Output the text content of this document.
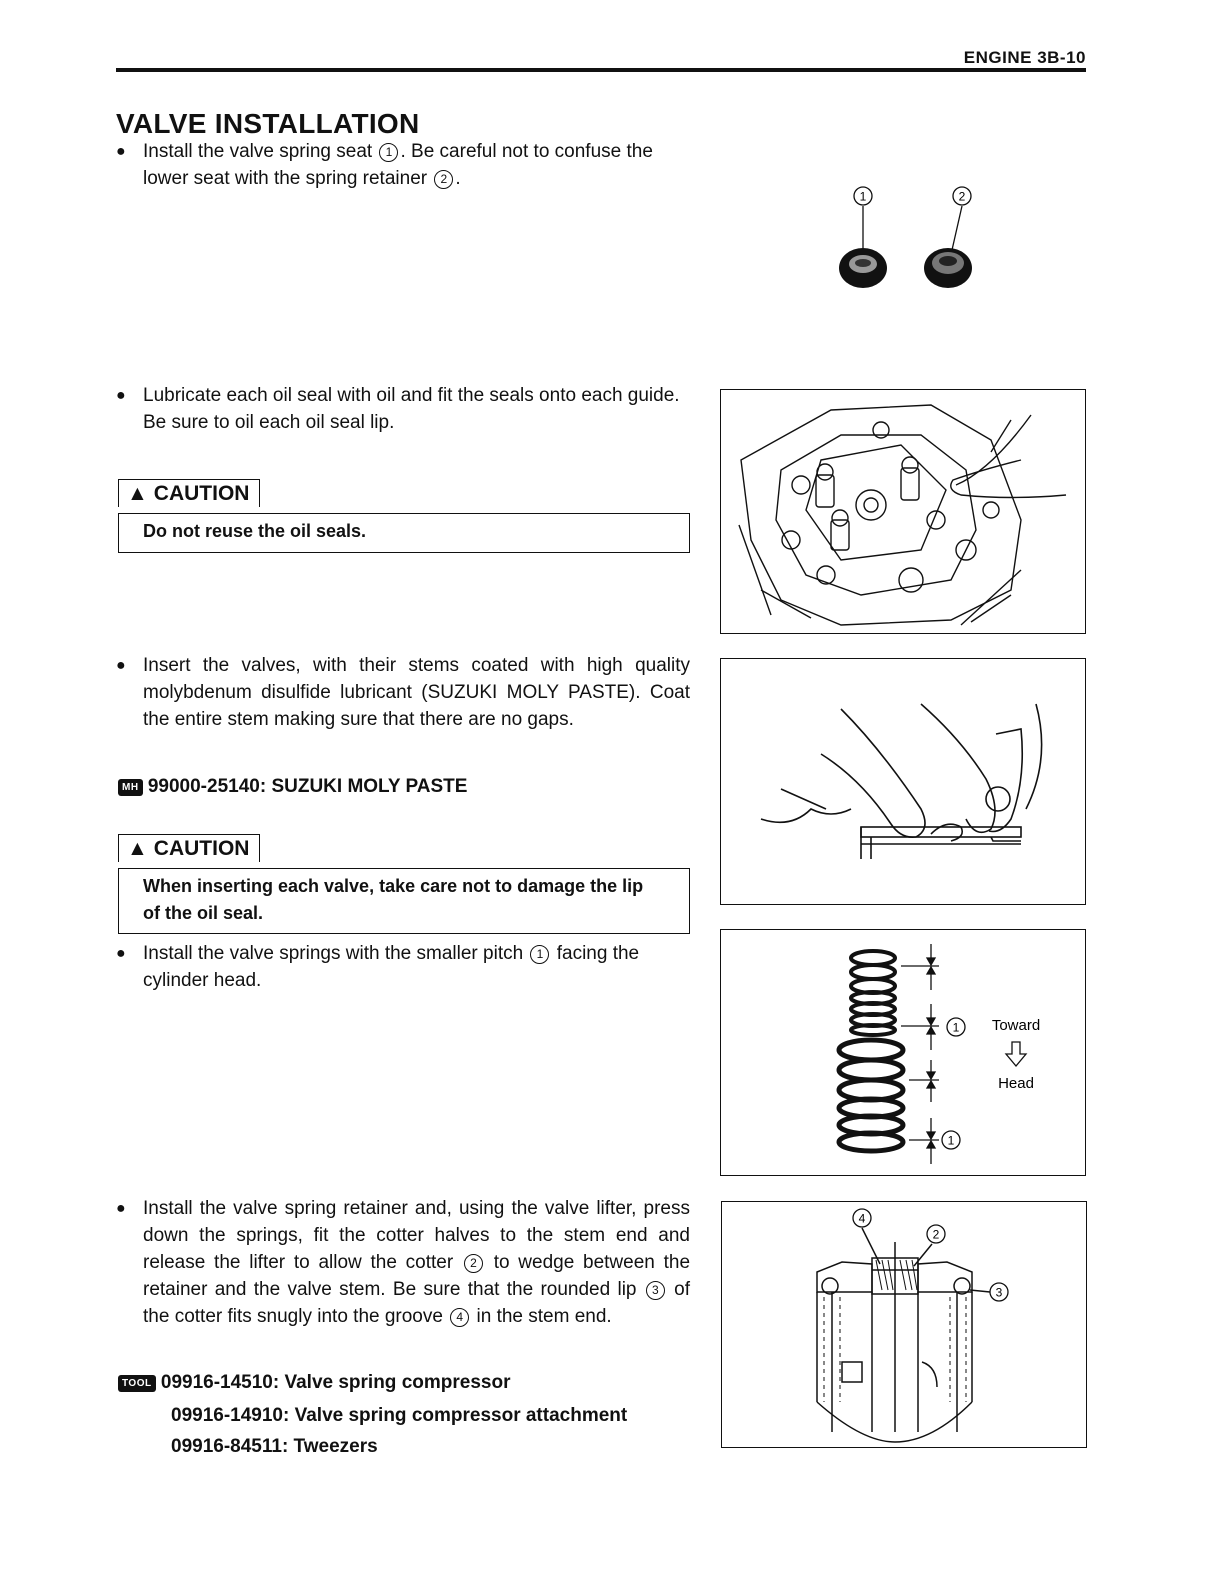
ENGINE 3B-10
VALVE INSTALLATION
● Install the valve spring seat 1 . Be careful not to confuse the lower seat with the spring retainer 2 .
1	2
● Lubricate each oil seal with oil and fit the seals onto each guide.
Be sure to oil each oil seal lip.
▲ CAUTION
Do not reuse the oil seals.
● Insert the valves, with their stems coated with high quality molybdenum disulfide lubricant (SUZUKI MOLY PASTE). Coat the entire stem making sure that there are no gaps.
MH 99000-25140: SUZUKI MOLY PASTE
▲ CAUTION
When inserting each valve, take care not to damage the lip of the oil seal.
● Install the valve springs with the smaller pitch 1 facing the cylinder head.
1
1
Toward
Head
● Install the valve spring retainer and, using the valve lifter, press down the springs, fit the cotter halves to the stem end and release the lifter to allow the cotter 2 to wedge between the retainer and the valve stem. Be sure that the rounded lip 3 of the cotter fits snugly into the groove 4 in the stem end.
TOOL 09916-14510: Valve spring compressor
09916-14910: Valve spring compressor attachment
09916-84511: Tweezers
4
2
3
